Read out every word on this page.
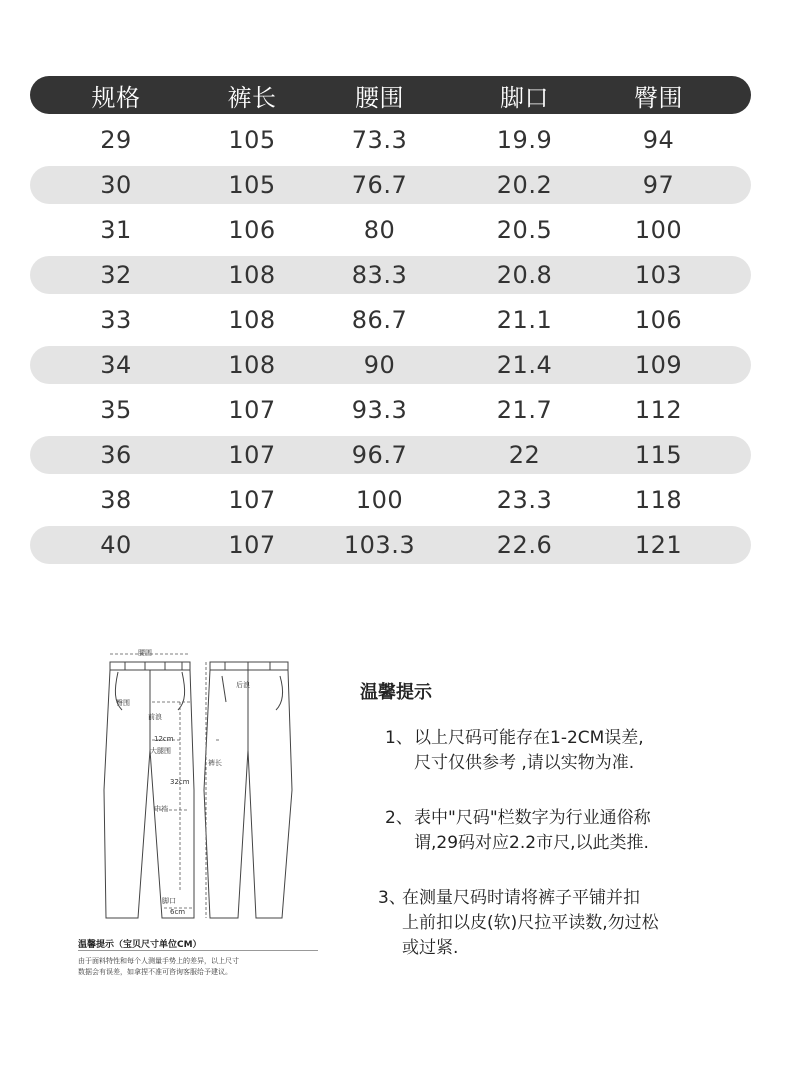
规格	裤长	腰围	脚口	臀围
29	105	73.3	19.9	94
30	105	76.7	20.2	97
31	106	80	20.5	100
32	108	83.3	20.8	103
33	108	86.7	21.1	106
34	108	90	21.4	109
35	107	93.3	21.7	112
36	107	96.7	22	115
38	107	100	23.3	118
40	107	103.3	22.6	121
腰围
后浪
前浪
臀围
12cm
大腿围
32cm
裤长
中裆
脚口
6cm
温馨提示（宝贝尺寸单位CM）
由于面料特性和每个人测量手势上的差异，以上尺寸
数据会有误差，如拿捏不准可咨询客服给予建议。
温馨提示
1、 以上尺码可能存在1-2CM误差,
尺寸仅供参考 ,请以实物为准.
2、 表中"尺码"栏数字为行业通俗称
谓,29码对应2.2市尺,以此类推.
3、
在测量尺码时请将裤子平铺并扣
上前扣以皮(软)尺拉平读数,勿过松
或过紧.
